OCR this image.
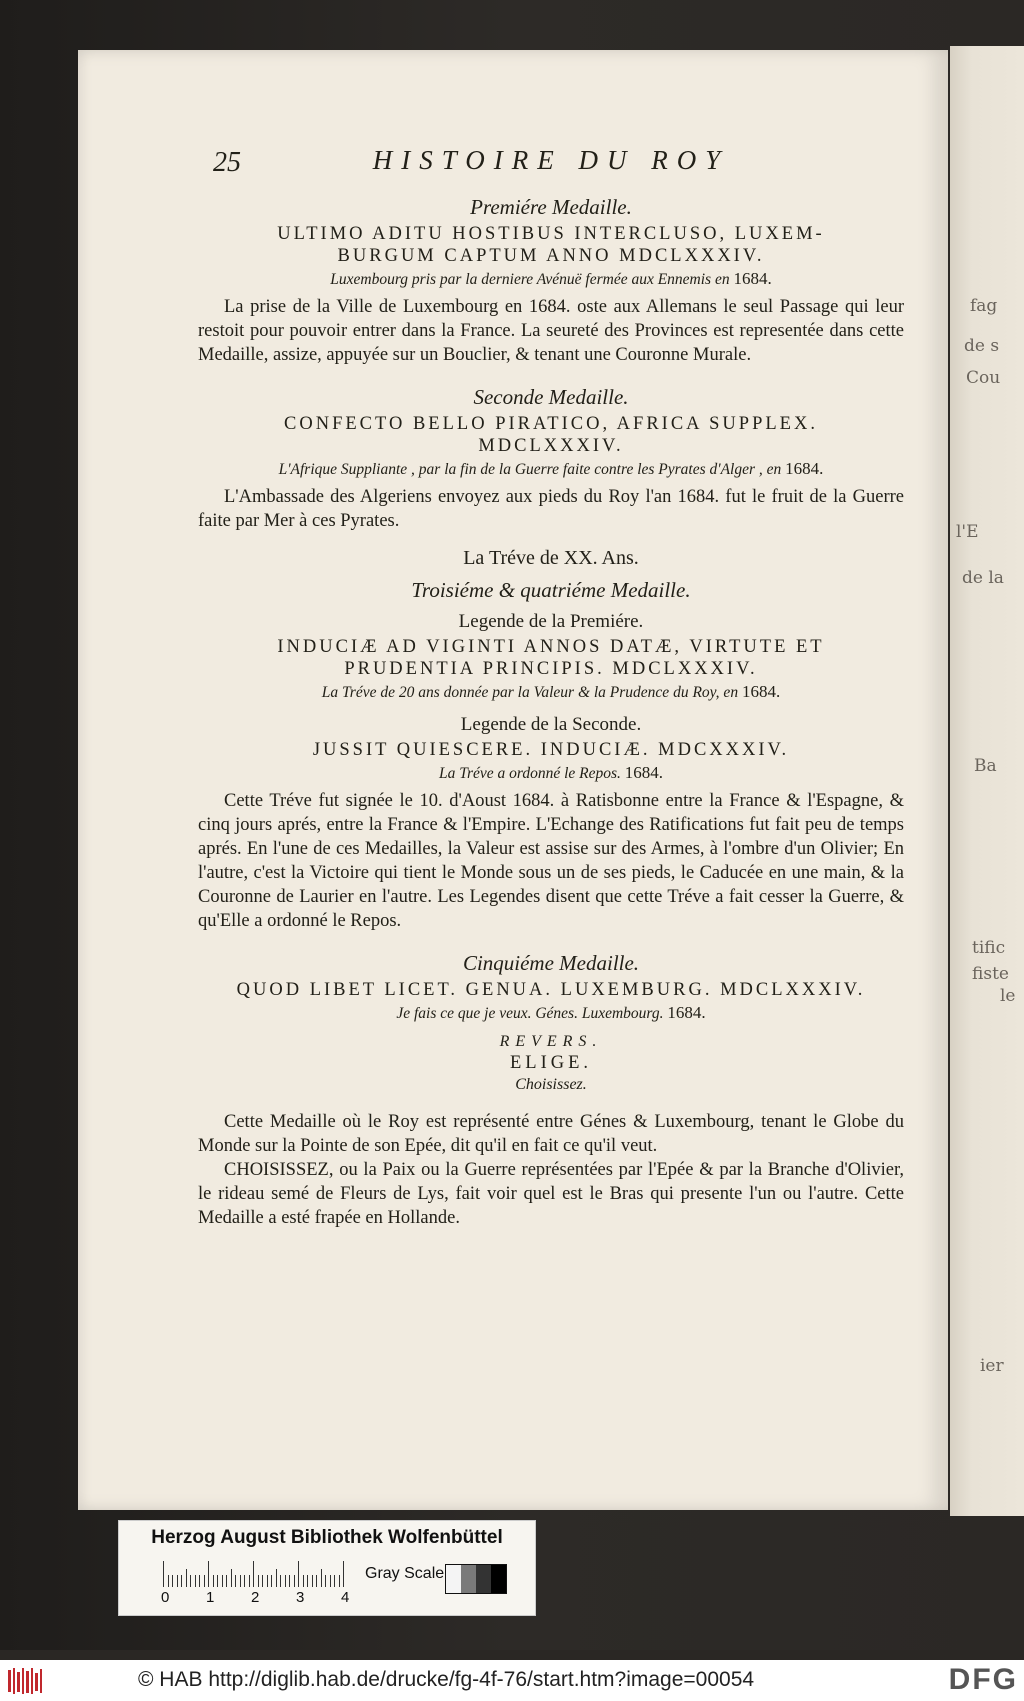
fag
de s
Cou
l'E
de la
Ba
tific
fiste
le
ier
25	HISTOIRE DU ROY
Premiére Medaille.
ULTIMO ADITU HOSTIBUS INTERCLUSO, LUXEM-
BURGUM CAPTUM ANNO MDCLXXXIV.
Luxembourg pris par la derniere Avénuë fermée aux Ennemis en 1684.

La prise de la Ville de Luxembourg en 1684. oste aux Allemans le seul Passage qui leur restoit pour pouvoir entrer dans la France. La seureté des Provinces est representée dans cette Medaille, assize, appuyée sur un Bouclier, & tenant une Couronne Murale.

Seconde Medaille.
CONFECTO BELLO PIRATICO, AFRICA SUPPLEX.
MDCLXXXIV.
L'Afrique Suppliante , par la fin de la Guerre faite contre les Pyrates d'Alger , en 1684.

L'Ambassade des Algeriens envoyez aux pieds du Roy l'an 1684. fut le fruit de la Guerre faite par Mer à ces Pyrates.

La Tréve de XX. Ans.
Troisiéme & quatriéme Medaille.
Legende de la Premiére.
INDUCIÆ AD VIGINTI ANNOS DATÆ, VIRTUTE ET
PRUDENTIA PRINCIPIS. MDCLXXXIV.
La Tréve de 20 ans donnée par la Valeur & la Prudence du Roy, en 1684.
Legende de la Seconde.
JUSSIT QUIESCERE. INDUCIÆ. MDCXXXIV.
La Tréve a ordonné le Repos. 1684.

Cette Tréve fut signée le 10. d'Aoust 1684. à Ratisbonne entre la France & l'Espagne, & cinq jours aprés, entre la France & l'Empire. L'Echange des Ratifications fut fait peu de temps aprés. En l'une de ces Medailles, la Valeur est assise sur des Armes, à l'ombre d'un Olivier; En l'autre, c'est la Victoire qui tient le Monde sous un de ses pieds, le Caducée en une main, & la Couronne de Laurier en l'autre. Les Legendes disent que cette Tréve a fait cesser la Guerre, & qu'Elle a ordonné le Repos.

Cinquiéme Medaille.
QUOD LIBET LICET. GENUA. LUXEMBURG. MDCLXXXIV.
Je fais ce que je veux. Génes. Luxembourg. 1684.
REVERS.
ELIGE.
Choisissez.

Cette Medaille où le Roy est représenté entre Génes & Luxembourg, tenant le Globe du Monde sur la Pointe de son Epée, dit qu'il en fait ce qu'il veut.

CHOISISSEZ, ou la Paix ou la Guerre représentées par l'Epée & par la Branche d'Olivier, le rideau semé de Fleurs de Lys, fait voir quel est le Bras qui presente l'un ou l'autre. Cette Medaille a esté frapée en Hollande.

Herzog August Bibliothek Wolfenbüttel
0 1 2 3 4
Gray Scale
© HAB http://diglib.hab.de/drucke/fg-4f-76/start.htm?image=00054	DFG
